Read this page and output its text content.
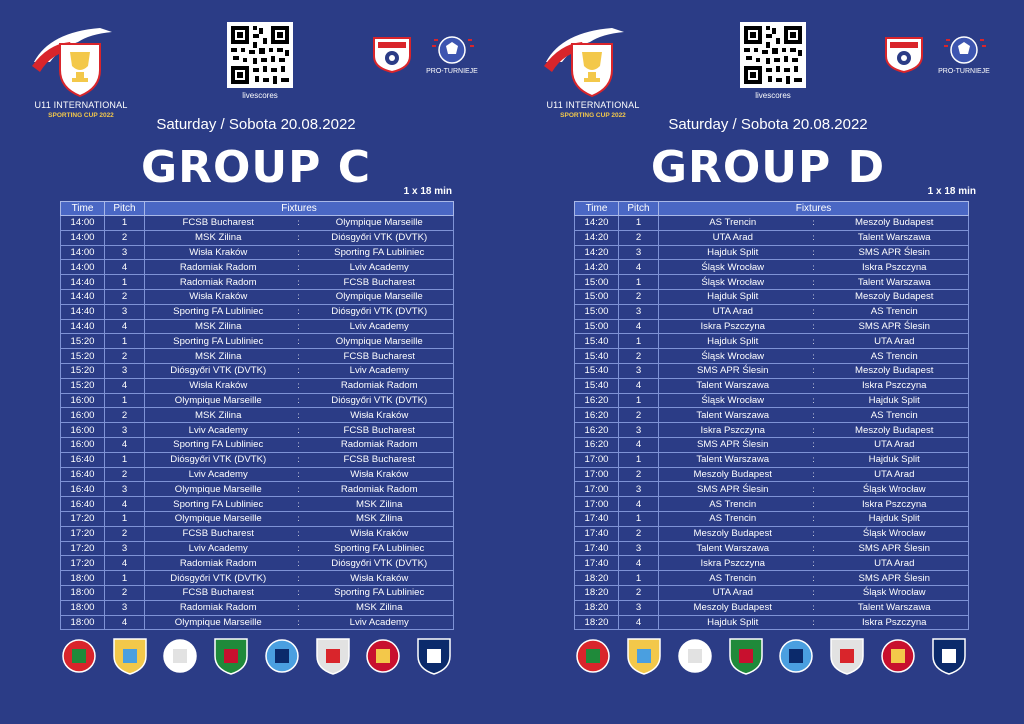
U11 INTERNATIONAL
SPORTING CUP 2022
livescores
PRO-TURNIEJE
Saturday / Sobota 20.08.2022
GROUP C	1 x 18 min
Time	Pitch	Fixtures		
14:00	1	FCSB Bucharest	:	Olympique Marseille
14:00	2	MSK Zilina	:	Diósgyőri VTK (DVTK)
14:00	3	Wisła Kraków	:	Sporting FA Lubliniec
14:00	4	Radomiak Radom	:	Lviv Academy
14:40	1	Radomiak Radom	:	FCSB Bucharest
14:40	2	Wisła Kraków	:	Olympique Marseille
14:40	3	Sporting FA Lubliniec	:	Diósgyőri VTK (DVTK)
14:40	4	MSK Zilina	:	Lviv Academy
15:20	1	Sporting FA Lubliniec	:	Olympique Marseille
15:20	2	MSK Zilina	:	FCSB Bucharest
15:20	3	Diósgyőri VTK (DVTK)	:	Lviv Academy
15:20	4	Wisła Kraków	:	Radomiak Radom
16:00	1	Olympique Marseille	:	Diósgyőri VTK (DVTK)
16:00	2	MSK Zilina	:	Wisła Kraków
16:00	3	Lviv Academy	:	FCSB Bucharest
16:00	4	Sporting FA Lubliniec	:	Radomiak Radom
16:40	1	Diósgyőri VTK (DVTK)	:	FCSB Bucharest
16:40	2	Lviv Academy	:	Wisła Kraków
16:40	3	Olympique Marseille	:	Radomiak Radom
16:40	4	Sporting FA Lubliniec	:	MSK Zilina
17:20	1	Olympique Marseille	:	MSK Zilina
17:20	2	FCSB Bucharest	:	Wisła Kraków
17:20	3	Lviv Academy	:	Sporting FA Lubliniec
17:20	4	Radomiak Radom	:	Diósgyőri VTK (DVTK)
18:00	1	Diósgyőri VTK (DVTK)	:	Wisła Kraków
18:00	2	FCSB Bucharest	:	Sporting FA Lubliniec
18:00	3	Radomiak Radom	:	MSK Zilina
18:00	4	Olympique Marseille	:	Lviv Academy
U11 INTERNATIONAL
SPORTING CUP 2022
livescores
PRO-TURNIEJE
Saturday / Sobota 20.08.2022
GROUP D	1 x 18 min
Time	Pitch	Fixtures		
14:20	1	AS Trencin	:	Meszoly Budapest
14:20	2	UTA Arad	:	Talent Warszawa
14:20	3	Hajduk Split	:	SMS APR Ślesin
14:20	4	Śląsk Wrocław	:	Iskra Pszczyna
15:00	1	Śląsk Wrocław	:	Talent Warszawa
15:00	2	Hajduk Split	:	Meszoly Budapest
15:00	3	UTA Arad	:	AS Trencin
15:00	4	Iskra Pszczyna	:	SMS APR Ślesin
15:40	1	Hajduk Split	:	UTA Arad
15:40	2	Śląsk Wrocław	:	AS Trencin
15:40	3	SMS APR Ślesin	:	Meszoly Budapest
15:40	4	Talent Warszawa	:	Iskra Pszczyna
16:20	1	Śląsk Wrocław	:	Hajduk Split
16:20	2	Talent Warszawa	:	AS Trencin
16:20	3	Iskra Pszczyna	:	Meszoly Budapest
16:20	4	SMS APR Ślesin	:	UTA Arad
17:00	1	Talent Warszawa	:	Hajduk Split
17:00	2	Meszoly Budapest	:	UTA Arad
17:00	3	SMS APR Ślesin	:	Śląsk Wrocław
17:00	4	AS Trencin	:	Iskra Pszczyna
17:40	1	AS Trencin	:	Hajduk Split
17:40	2	Meszoly Budapest	:	Śląsk Wrocław
17:40	3	Talent Warszawa	:	SMS APR Ślesin
17:40	4	Iskra Pszczyna	:	UTA Arad
18:20	1	AS Trencin	:	SMS APR Ślesin
18:20	2	UTA Arad	:	Śląsk Wrocław
18:20	3	Meszoly Budapest	:	Talent Warszawa
18:20	4	Hajduk Split	:	Iskra Pszczyna
